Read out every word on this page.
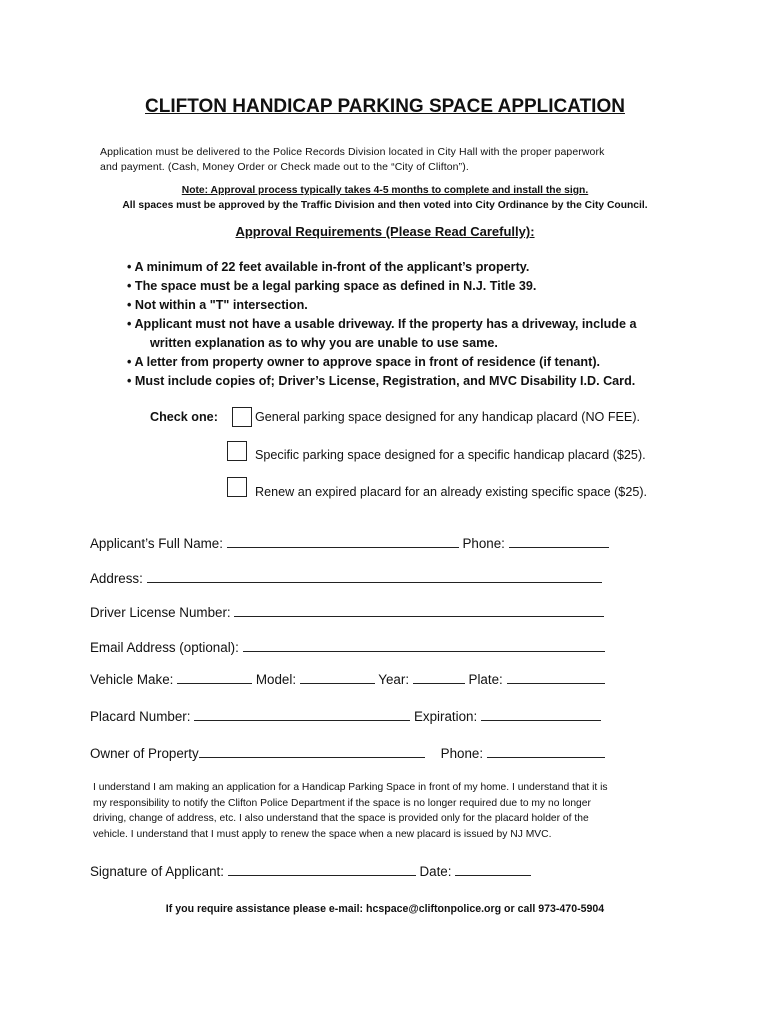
CLIFTON HANDICAP PARKING SPACE APPLICATION
Application must be delivered to the Police Records Division located in City Hall with the proper paperwork
and payment. (Cash, Money Order or Check made out to the “City of Clifton”).
Note: Approval process typically takes 4-5 months to complete and install the sign.
All spaces must be approved by the Traffic Division and then voted into City Ordinance by the City Council.
Approval Requirements (Please Read Carefully):
• A minimum of 22 feet available in-front of the applicant’s property.
• The space must be a legal parking space as defined in N.J. Title 39.
• Not within a "T" intersection.
• Applicant must not have a usable driveway. If the property has a driveway, include a
written explanation as to why you are unable to use same.
• A letter from property owner to approve space in front of residence (if tenant).
• Must include copies of; Driver’s License, Registration, and MVC Disability I.D. Card.
Check one:	General parking space designed for any handicap placard (NO FEE).
Specific parking space designed for a specific handicap placard ($25).
Renew an expired placard for an already existing specific space ($25).
Applicant’s Full Name:	Phone:
Address:
Driver License Number:
Email Address (optional):
Vehicle Make:	Model:	Year:	Plate:
Placard Number:	Expiration:
Owner of Property	Phone:
I understand I am making an application for a Handicap Parking Space in front of my home. I understand that it is
my responsibility to notify the Clifton Police Department if the space is no longer required due to my no longer
driving, change of address, etc. I also understand that the space is provided only for the placard holder of the
vehicle. I understand that I must apply to renew the space when a new placard is issued by NJ MVC.
Signature of Applicant:	Date:
If you require assistance please e-mail: hcspace@cliftonpolice.org or call 973-470-5904
